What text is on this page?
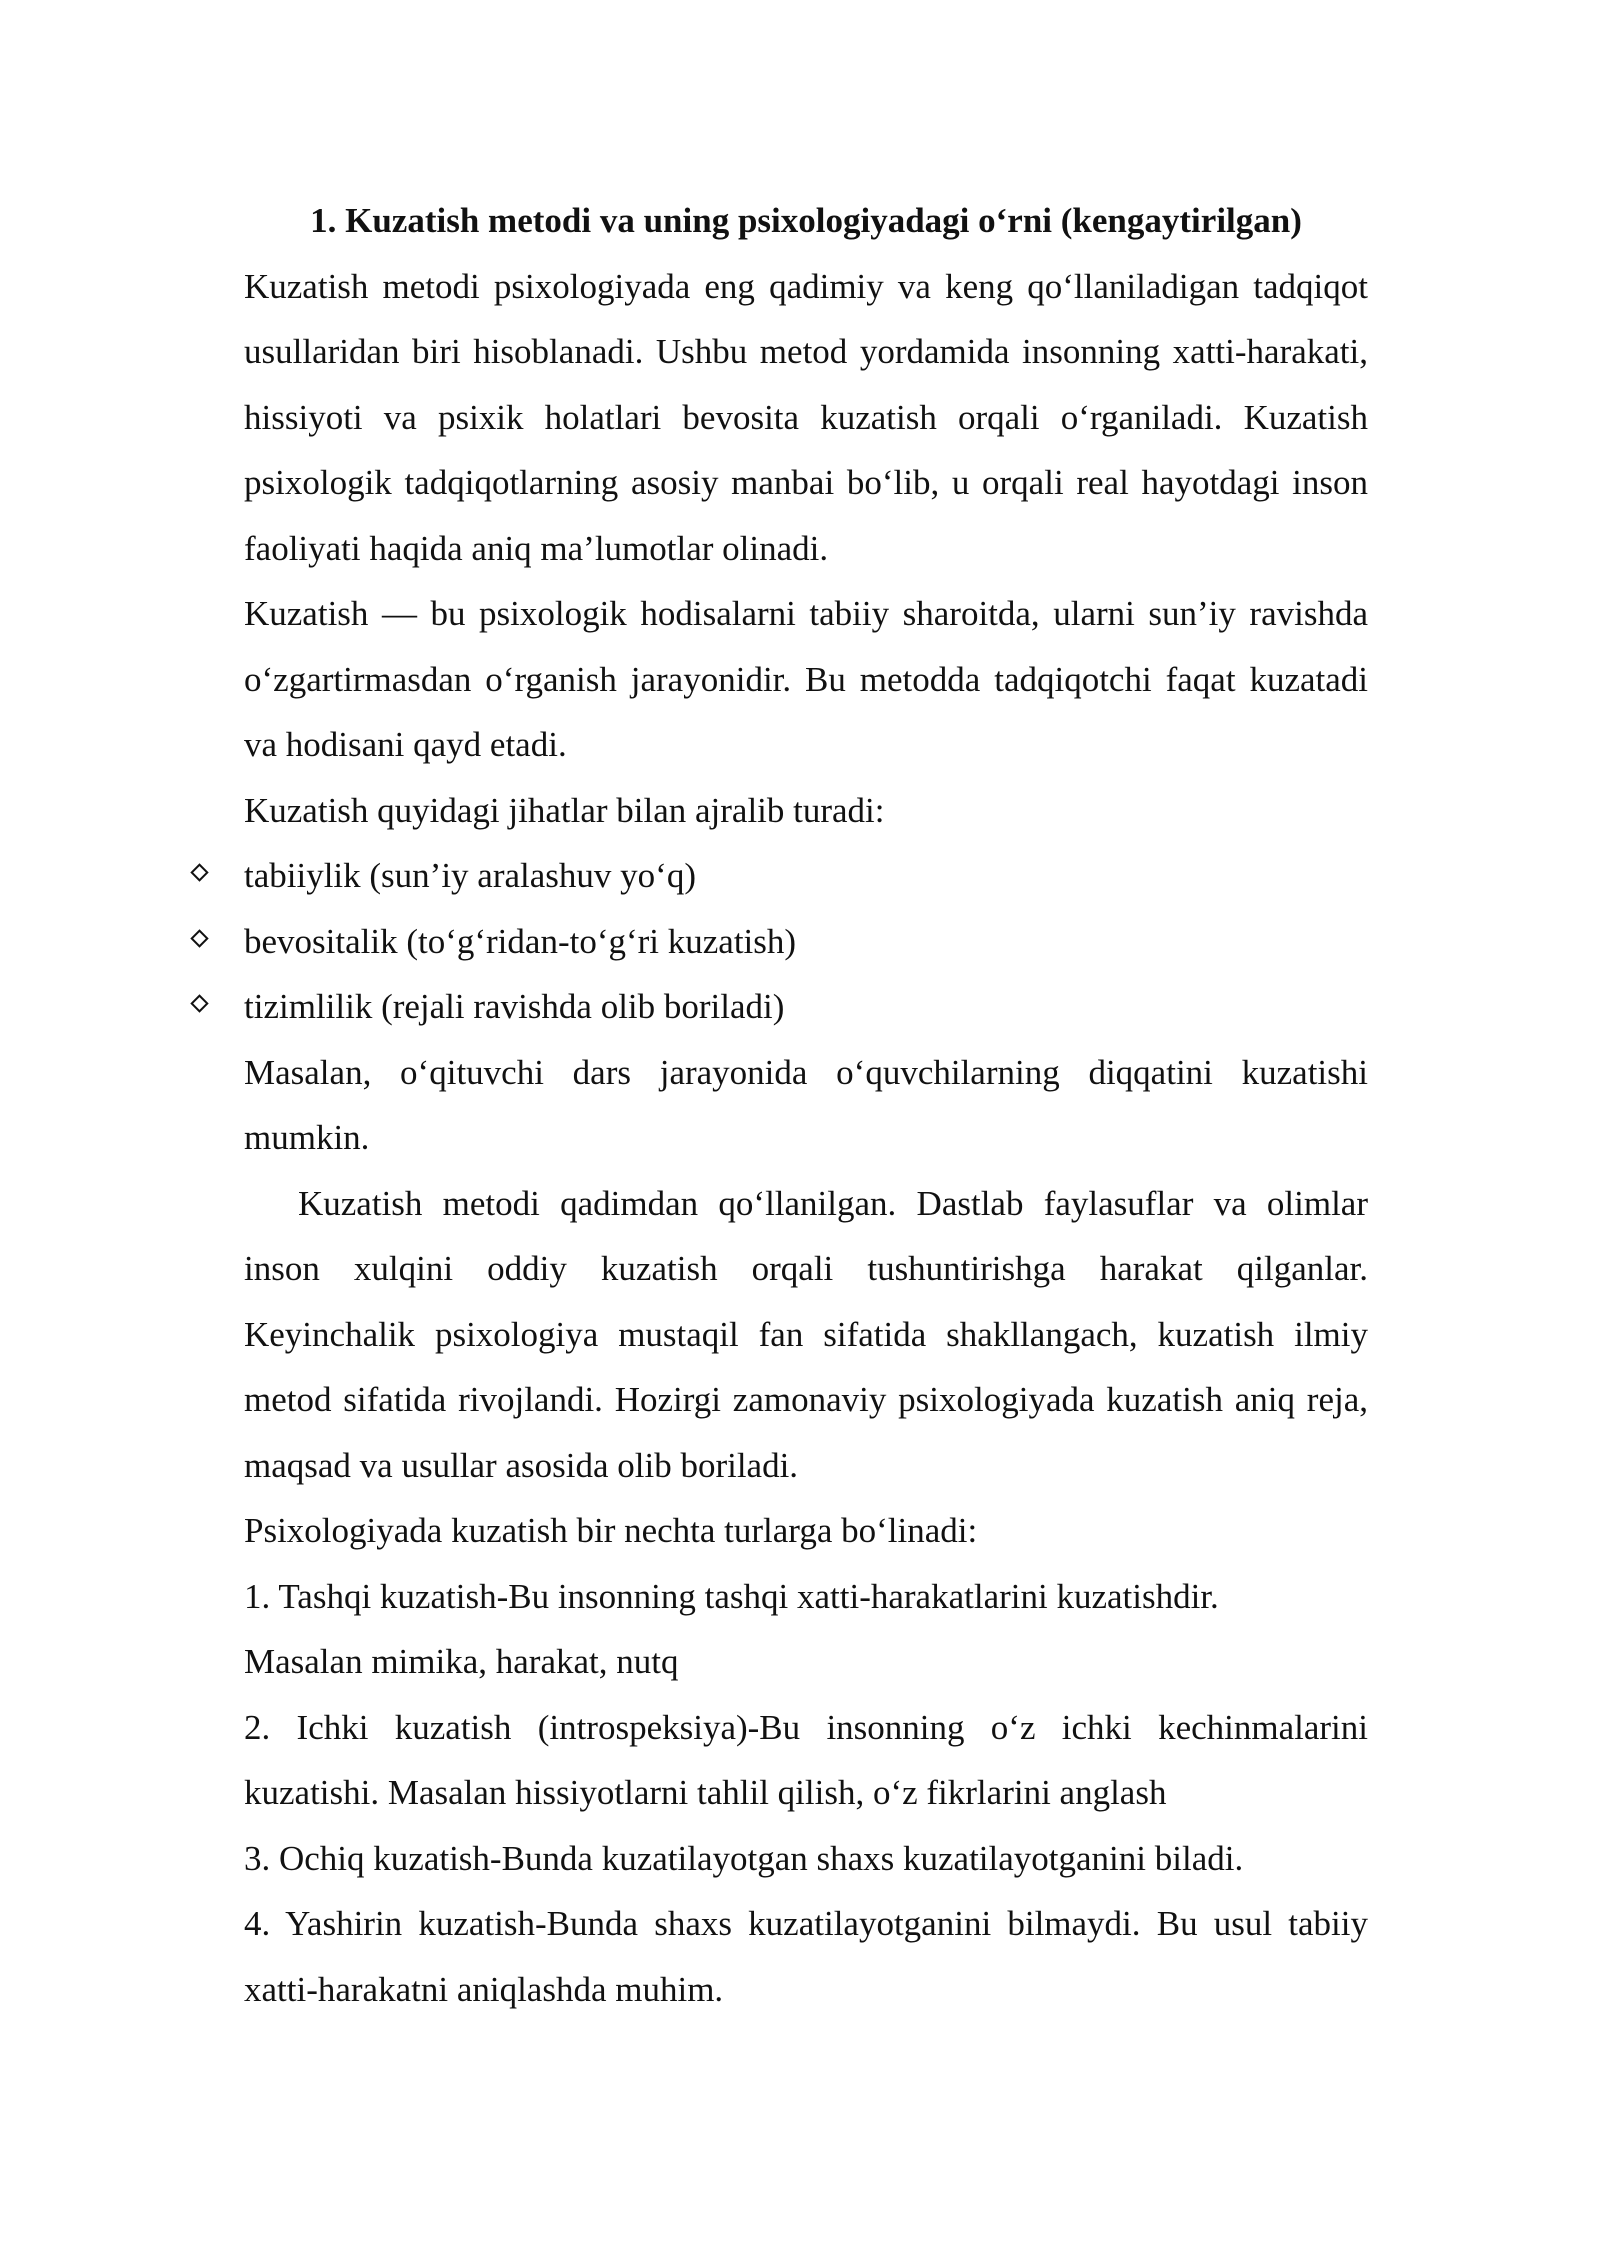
1. Kuzatish metodi va uning psixologiyadagi o‘rni (kengaytirilgan)

Kuzatish metodi psixologiyada eng qadimiy va keng qo‘llaniladigan tadqiqot usullaridan biri hisoblanadi. Ushbu metod yordamida insonning xatti-harakati, hissiyoti va psixik holatlari bevosita kuzatish orqali o‘rganiladi. Kuzatish psixologik tadqiqotlarning asosiy manbai bo‘lib, u orqali real hayotdagi inson faoliyati haqida aniq ma’lumotlar olinadi.

Kuzatish — bu psixologik hodisalarni tabiiy sharoitda, ularni sun’iy ravishda o‘zgartirmasdan o‘rganish jarayonidir. Bu metodda tadqiqotchi faqat kuzatadi va hodisani qayd etadi.

Kuzatish quyidagi jihatlar bilan ajralib turadi:

tabiiylik (sun’iy aralashuv yo‘q)
bevositalik (to‘g‘ridan-to‘g‘ri kuzatish)
tizimlilik (rejali ravishda olib boriladi)

Masalan, o‘qituvchi dars jarayonida o‘quvchilarning diqqatini kuzatishi mumkin.

Kuzatish metodi qadimdan qo‘llanilgan. Dastlab faylasuflar va olimlar inson xulqini oddiy kuzatish orqali tushuntirishga harakat qilganlar. Keyinchalik psixologiya mustaqil fan sifatida shakllangach, kuzatish ilmiy metod sifatida rivojlandi. Hozirgi zamonaviy psixologiyada kuzatish aniq reja, maqsad va usullar asosida olib boriladi.

Psixologiyada kuzatish bir nechta turlarga bo‘linadi:

1. Tashqi kuzatish-Bu insonning tashqi xatti-harakatlarini kuzatishdir.

Masalan mimika, harakat, nutq

2. Ichki kuzatish (introspeksiya)-Bu insonning o‘z ichki kechinmalarini kuzatishi. Masalan hissiyotlarni tahlil qilish, o‘z fikrlarini anglash

3. Ochiq kuzatish-Bunda kuzatilayotgan shaxs kuzatilayotganini biladi.

4. Yashirin kuzatish-Bunda shaxs kuzatilayotganini bilmaydi. Bu usul tabiiy xatti-harakatni aniqlashda muhim.
